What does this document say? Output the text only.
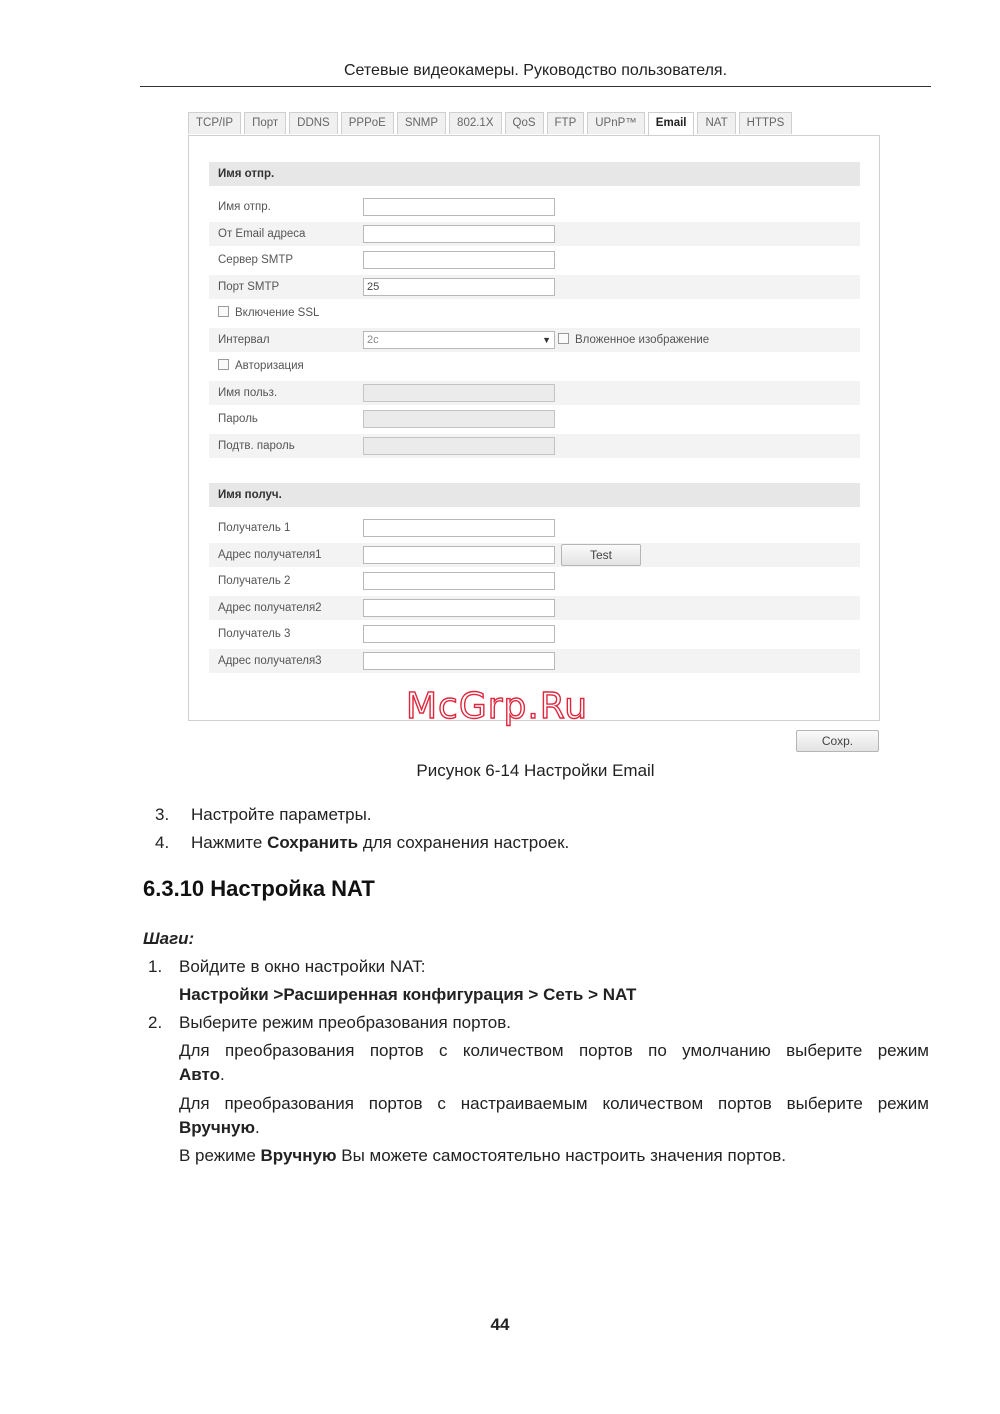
Сетевые видеокамеры. Руководство пользователя.
TCP/IP	Порт	DDNS	PPPoE	SNMP	802.1X	QoS	FTP	UPnP™	Email	NAT	HTTPS
Имя отпр.
Имя отпр.
От Email адреса
Сервер SMTP
Порт SMTP	25
Включение SSL
Интервал	2c	▼	Вложенное изображение
Авторизация
Имя польз.
Пароль
Подтв. пароль
Имя получ.
Получатель 1
Адрес получателя1	Test
Получатель 2
Адрес получателя2
Получатель 3
Адрес получателя3
Сохр.
McGrp.Ru
Рисунок 6-14 Настройки Email
3. Настройте параметры.
4. Нажмите Сохранить для сохранения настроек.
6.3.10 Настройка NAT
Шаги:
1. Войдите в окно настройки NAT:
Настройки >Расширенная конфигурация > Сеть > NAT
2. Выберите режим преобразования портов.
Для преобразования портов с количеством портов по умолчанию выберите режим
Авто.
Для преобразования портов с настраиваемым количеством портов выберите режим
Вручную.
В режиме Вручную Вы можете самостоятельно настроить значения портов.
44
